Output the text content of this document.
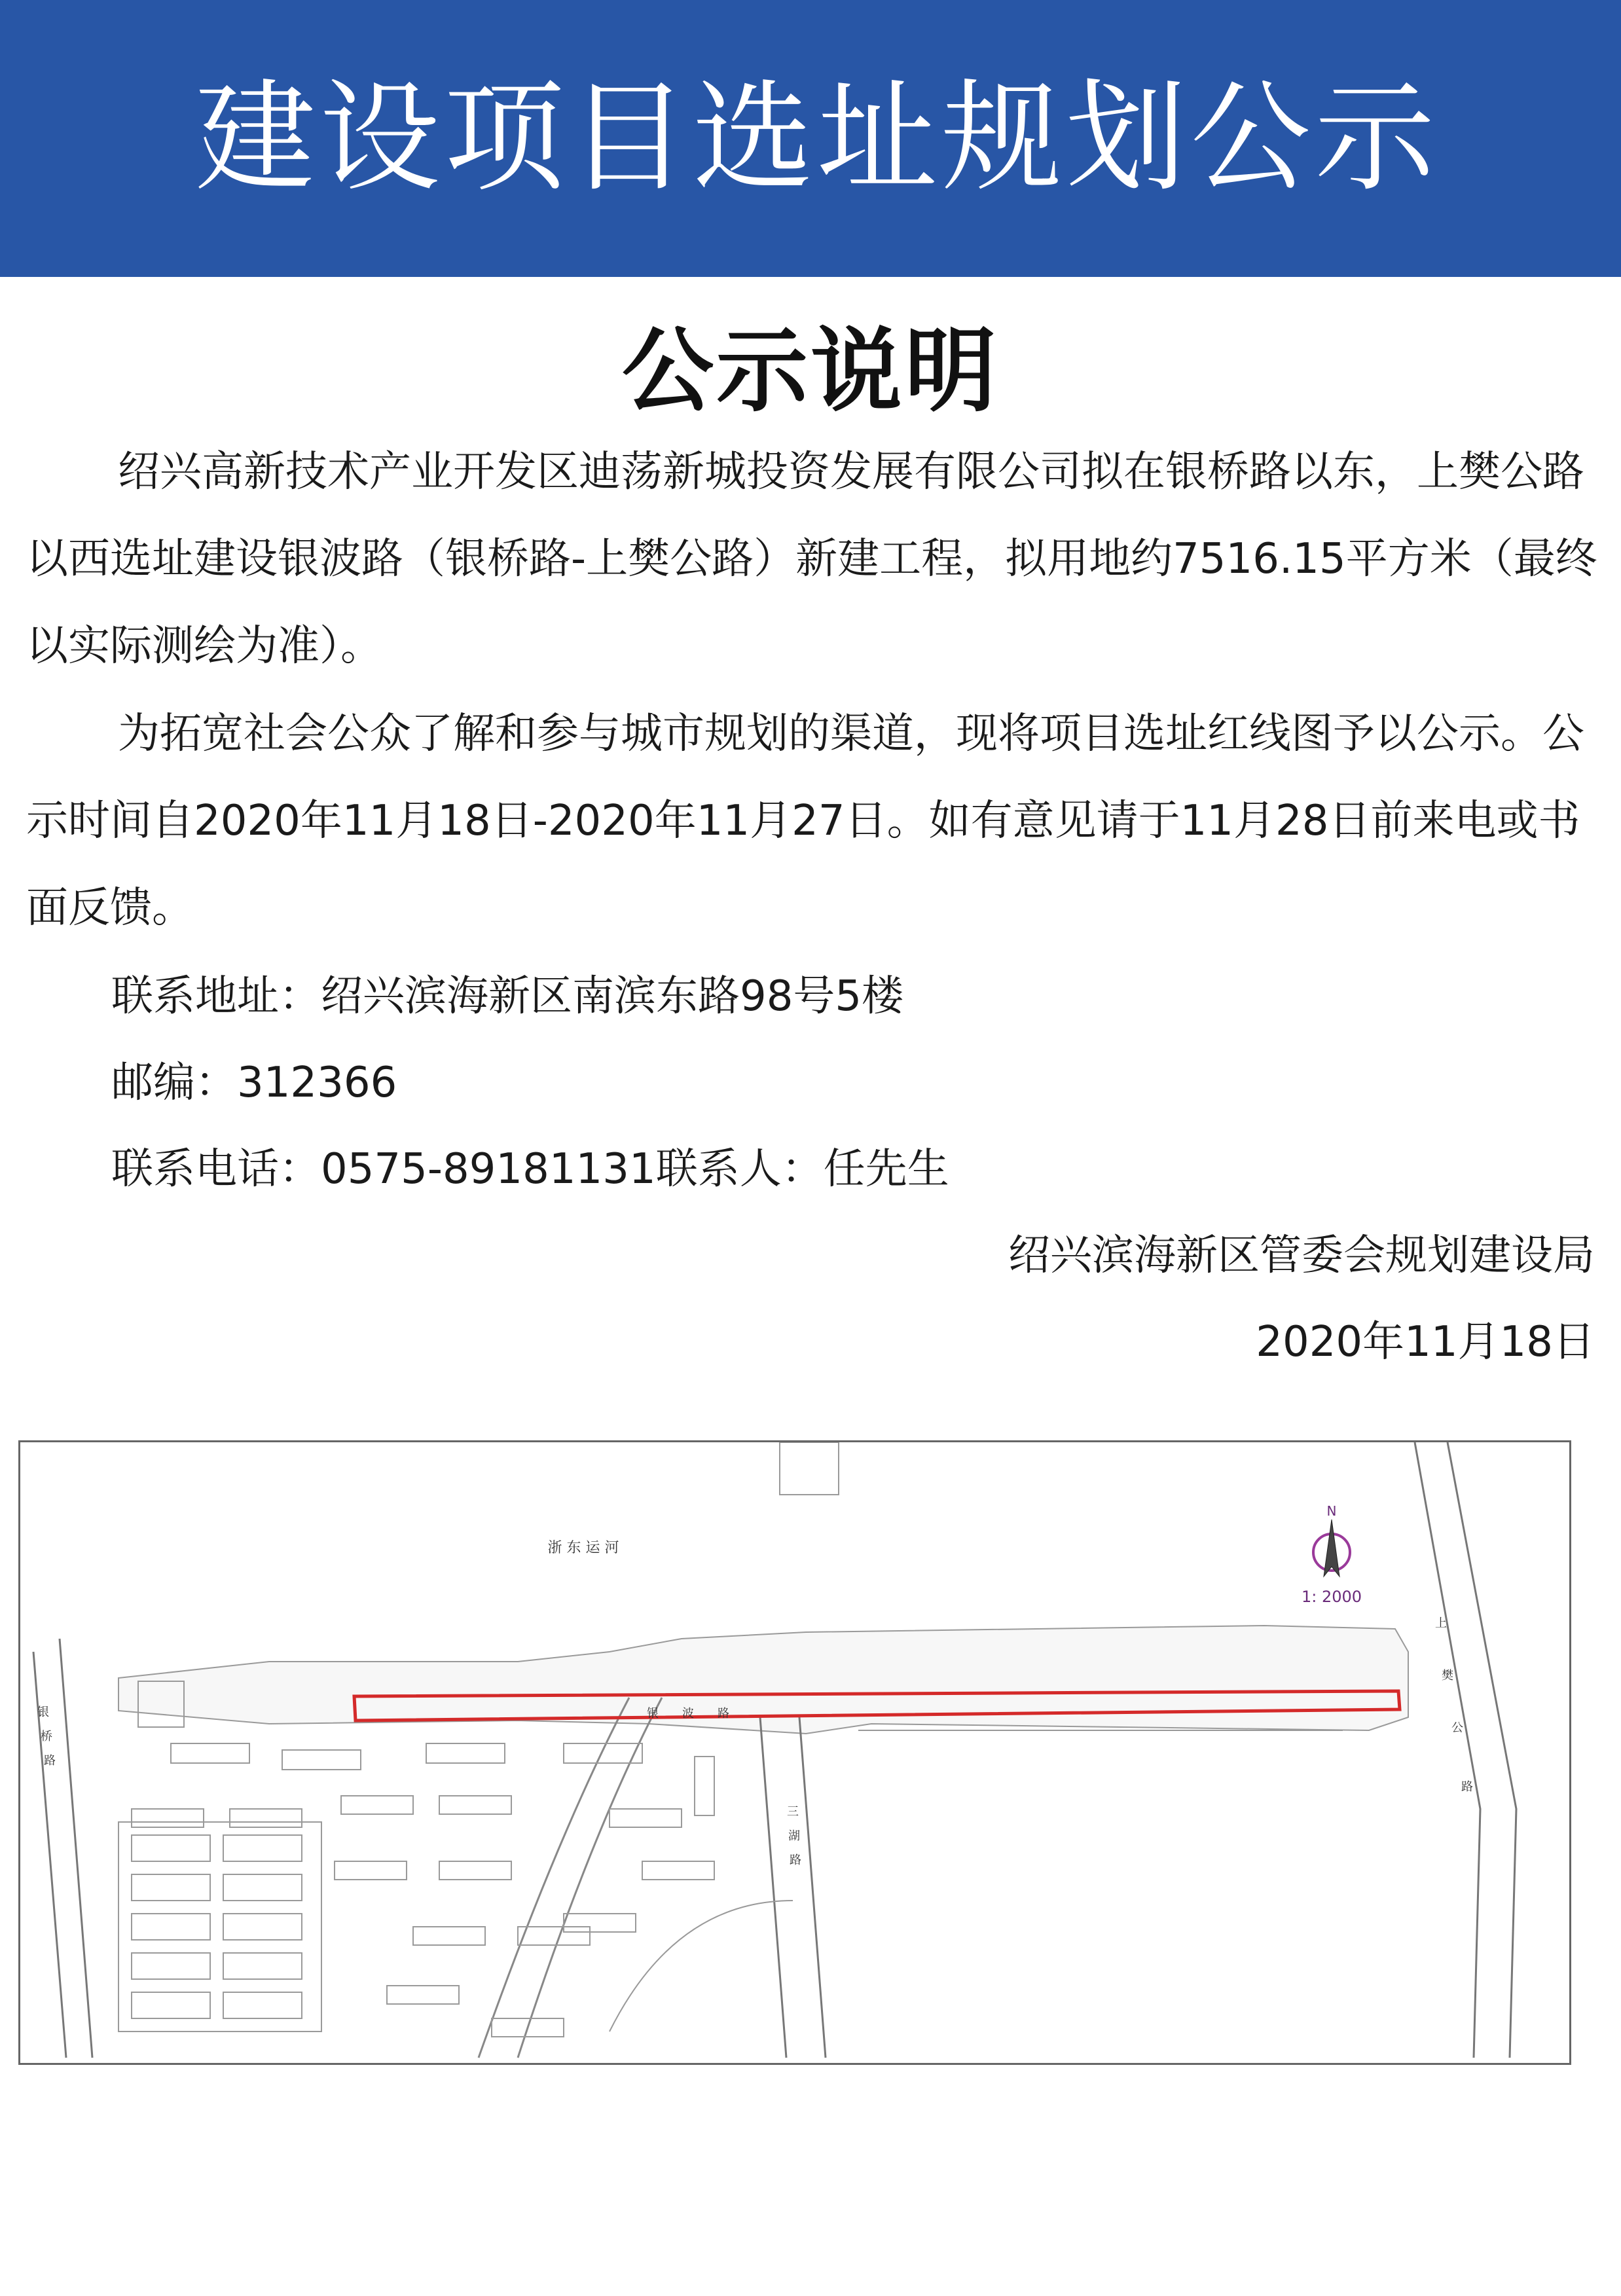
建设项目选址规划公示
公示说明
绍兴高新技术产业开发区迪荡新城投资发展有限公司拟在银桥路以东，上樊公路以西选址建设银波路（银桥路-上樊公路）新建工程，拟用地约7516.15平方米（最终以实际测绘为准）。
为拓宽社会公众了解和参与城市规划的渠道，现将项目选址红线图予以公示。公示时间自2020年11月18日-2020年11月27日。如有意见请于11月28日前来电或书面反馈。
联系地址：绍兴滨海新区南滨东路98号5楼
邮编：312366
联系电话：0575-89181131联系人：任先生
绍兴滨海新区管委会规划建设局
2020年11月18日
浙 东 运 河
银
桥
路
银　　波　　路
三
湖
路
上
樊
公
路
N
1: 2000
